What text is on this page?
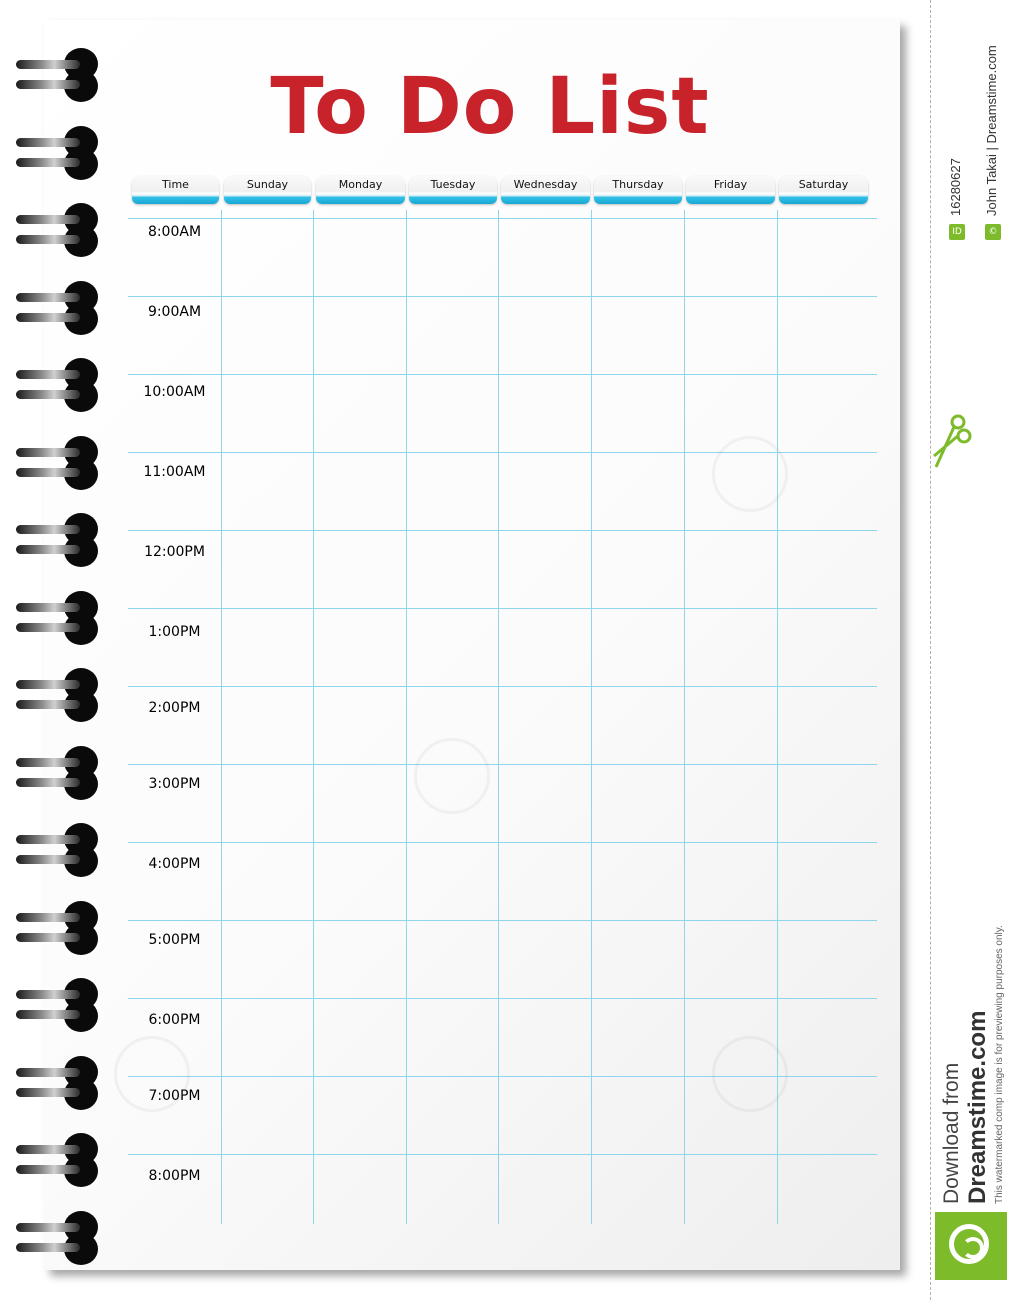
To Do List
Time	Sunday	Monday	Tuesday	Wednesday	Thursday	Friday	Saturday
8:00AM
9:00AM
10:00AM
11:00AM
12:00PM
1:00PM
2:00PM
3:00PM
4:00PM
5:00PM
6:00PM
7:00PM
8:00PM
ID
16280627
©
John Takai | Dreamstime.com
Download from Dreamstime.com This watermarked comp image is for previewing purposes only.
